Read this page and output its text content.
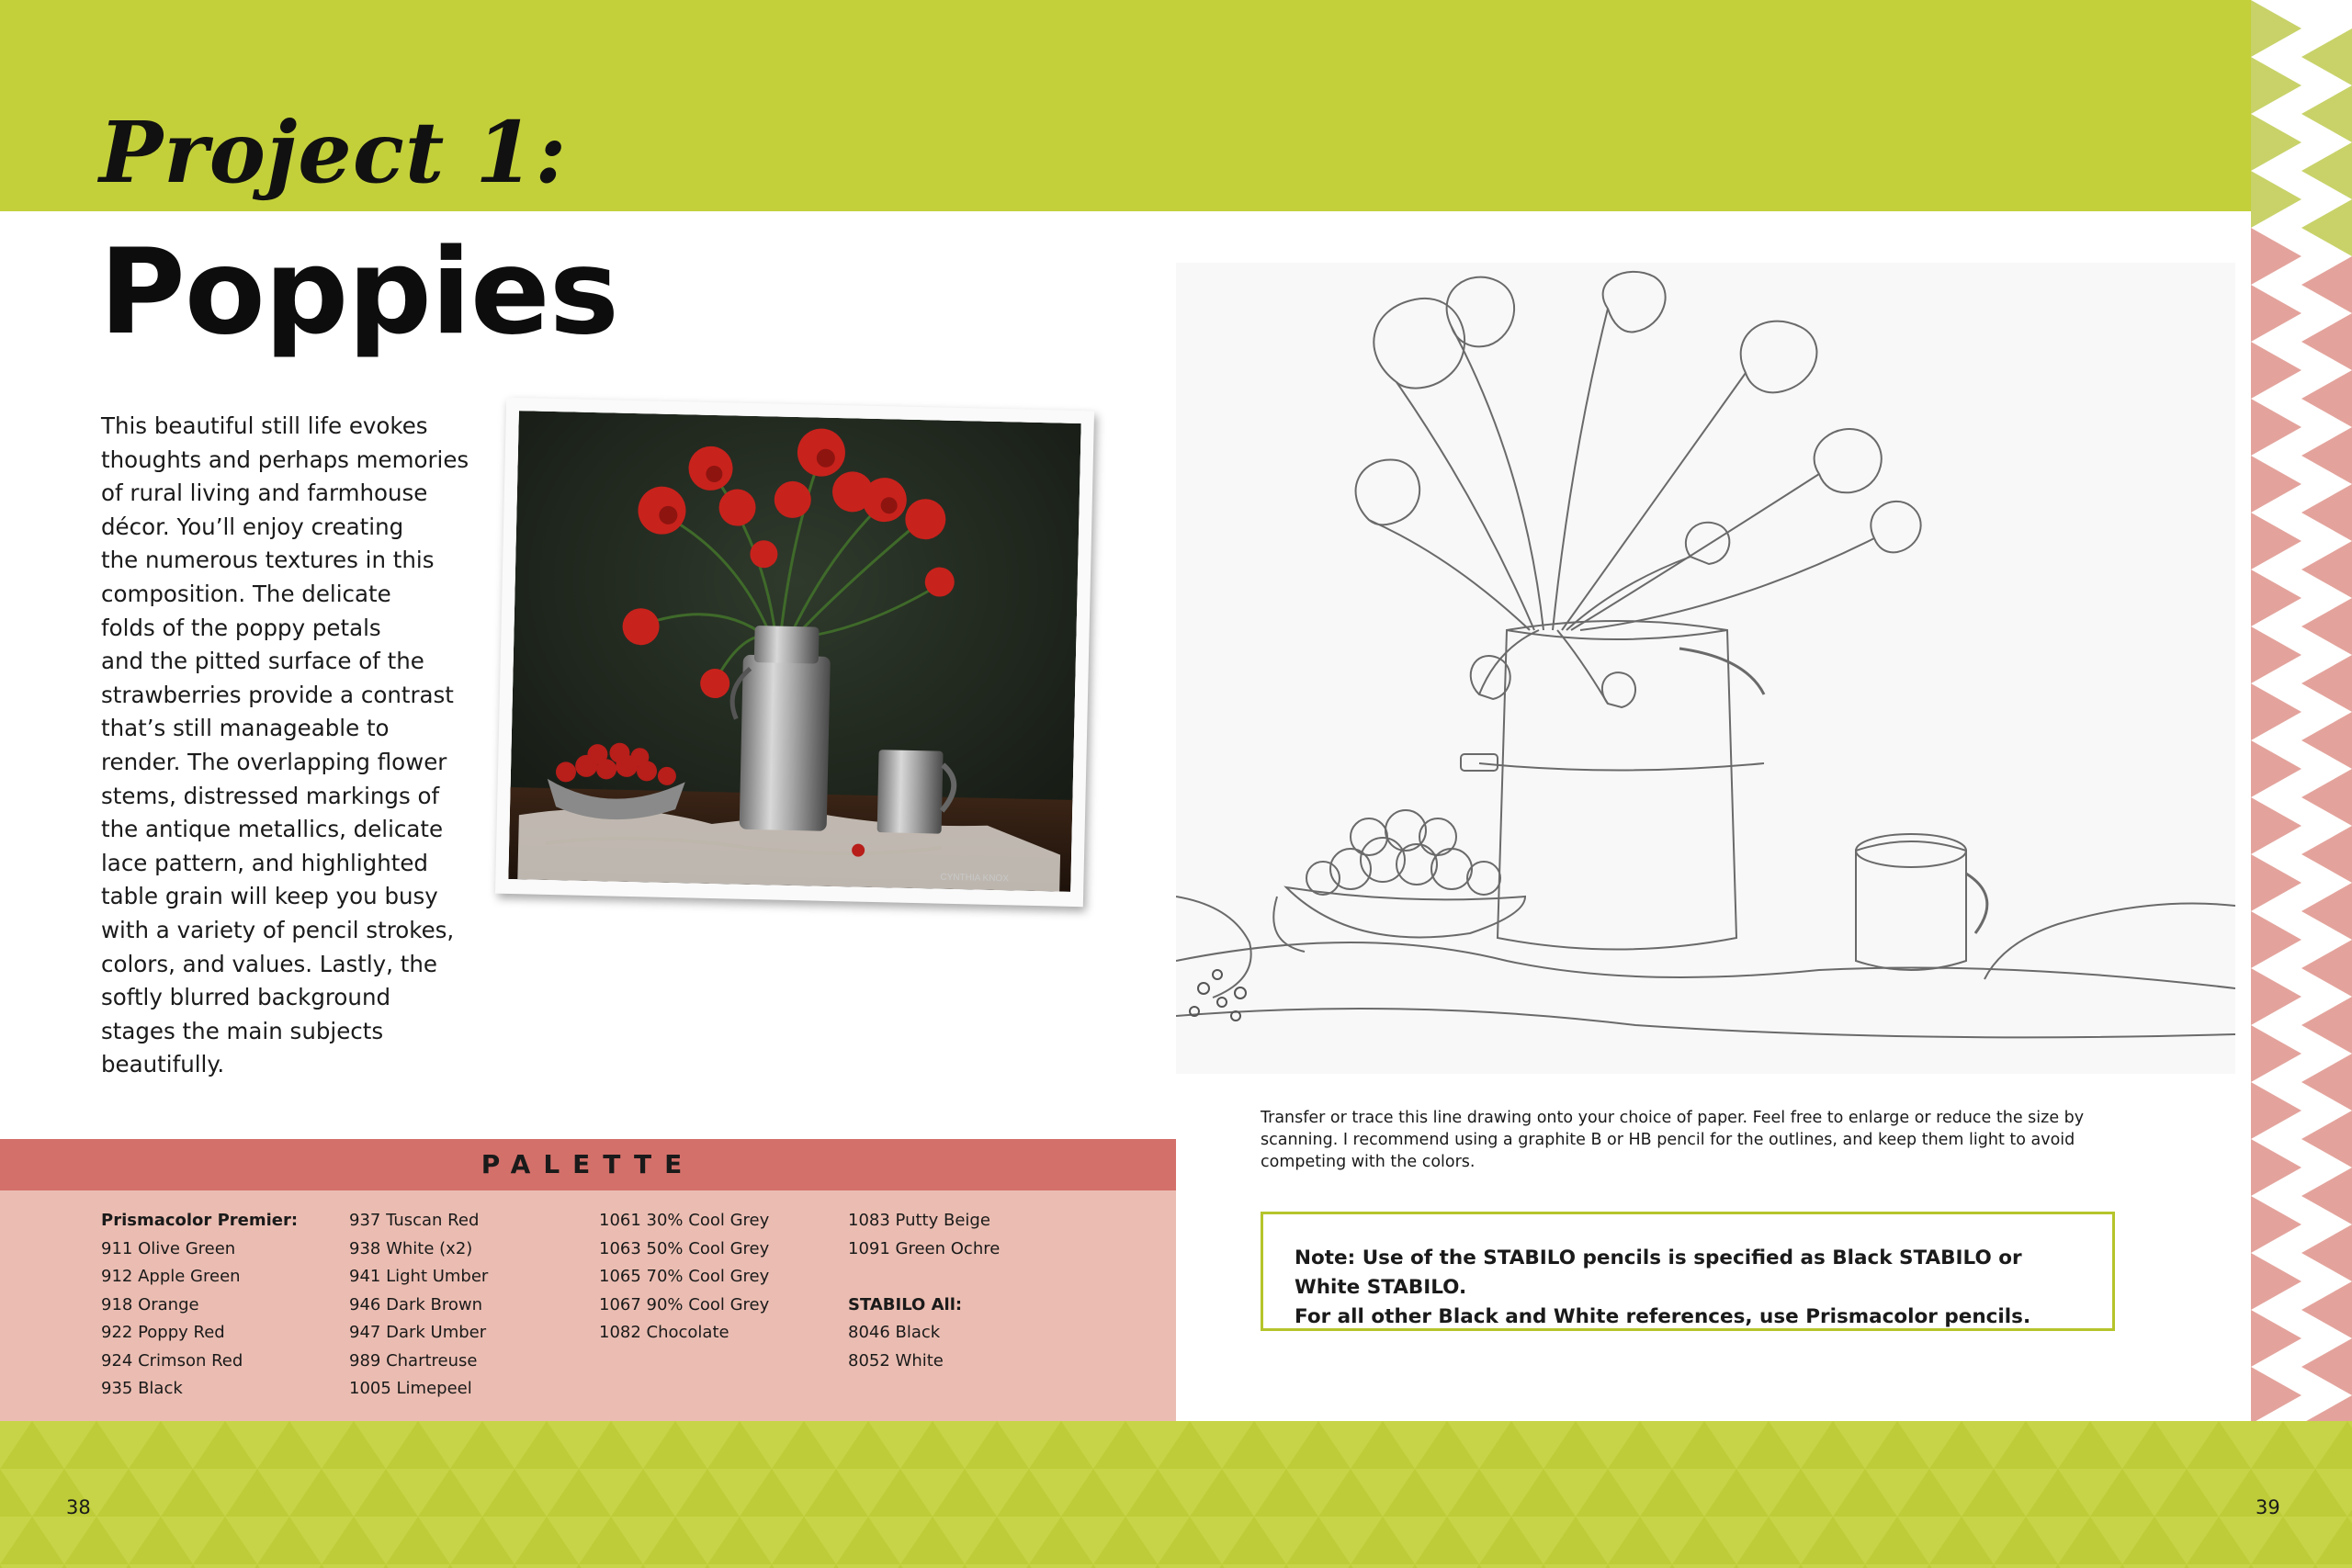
Project 1:
Poppies

This beautiful still life evokes
thoughts and perhaps memories
of rural living and farmhouse
décor. You’ll enjoy creating
the numerous textures in this
composition. The delicate
folds of the poppy petals
and the pitted surface of the
strawberries provide a contrast
that’s still manageable to
render. The overlapping flower
stems, distressed markings of
the antique metallics, delicate
lace pattern, and highlighted
table grain will keep you busy
with a variety of pencil strokes,
colors, and values. Lastly, the
softly blurred background
stages the main subjects
beautifully.

CYNTHIA KNOX

Transfer or trace this line drawing onto your choice of paper. Feel free to enlarge or reduce the size by
scanning. I recommend using a graphite B or HB pencil for the outlines, and keep them light to avoid
competing with the colors.

Note: Use of the STABILO pencils is specified as Black STABILO or White STABILO.
For all other Black and White references, use Prismacolor pencils.
PALETTE
Prismacolor Premier:
911 Olive Green
912 Apple Green
918 Orange
922 Poppy Red
924 Crimson Red
935 Black
937 Tuscan Red
938 White (x2)
941 Light Umber
946 Dark Brown
947 Dark Umber
989 Chartreuse
1005 Limepeel
1061 30% Cool Grey
1063 50% Cool Grey
1065 70% Cool Grey
1067 90% Cool Grey
1082 Chocolate
1083 Putty Beige
1091 Green Ochre
STABILO All:
8046 Black
8052 White
38	39
